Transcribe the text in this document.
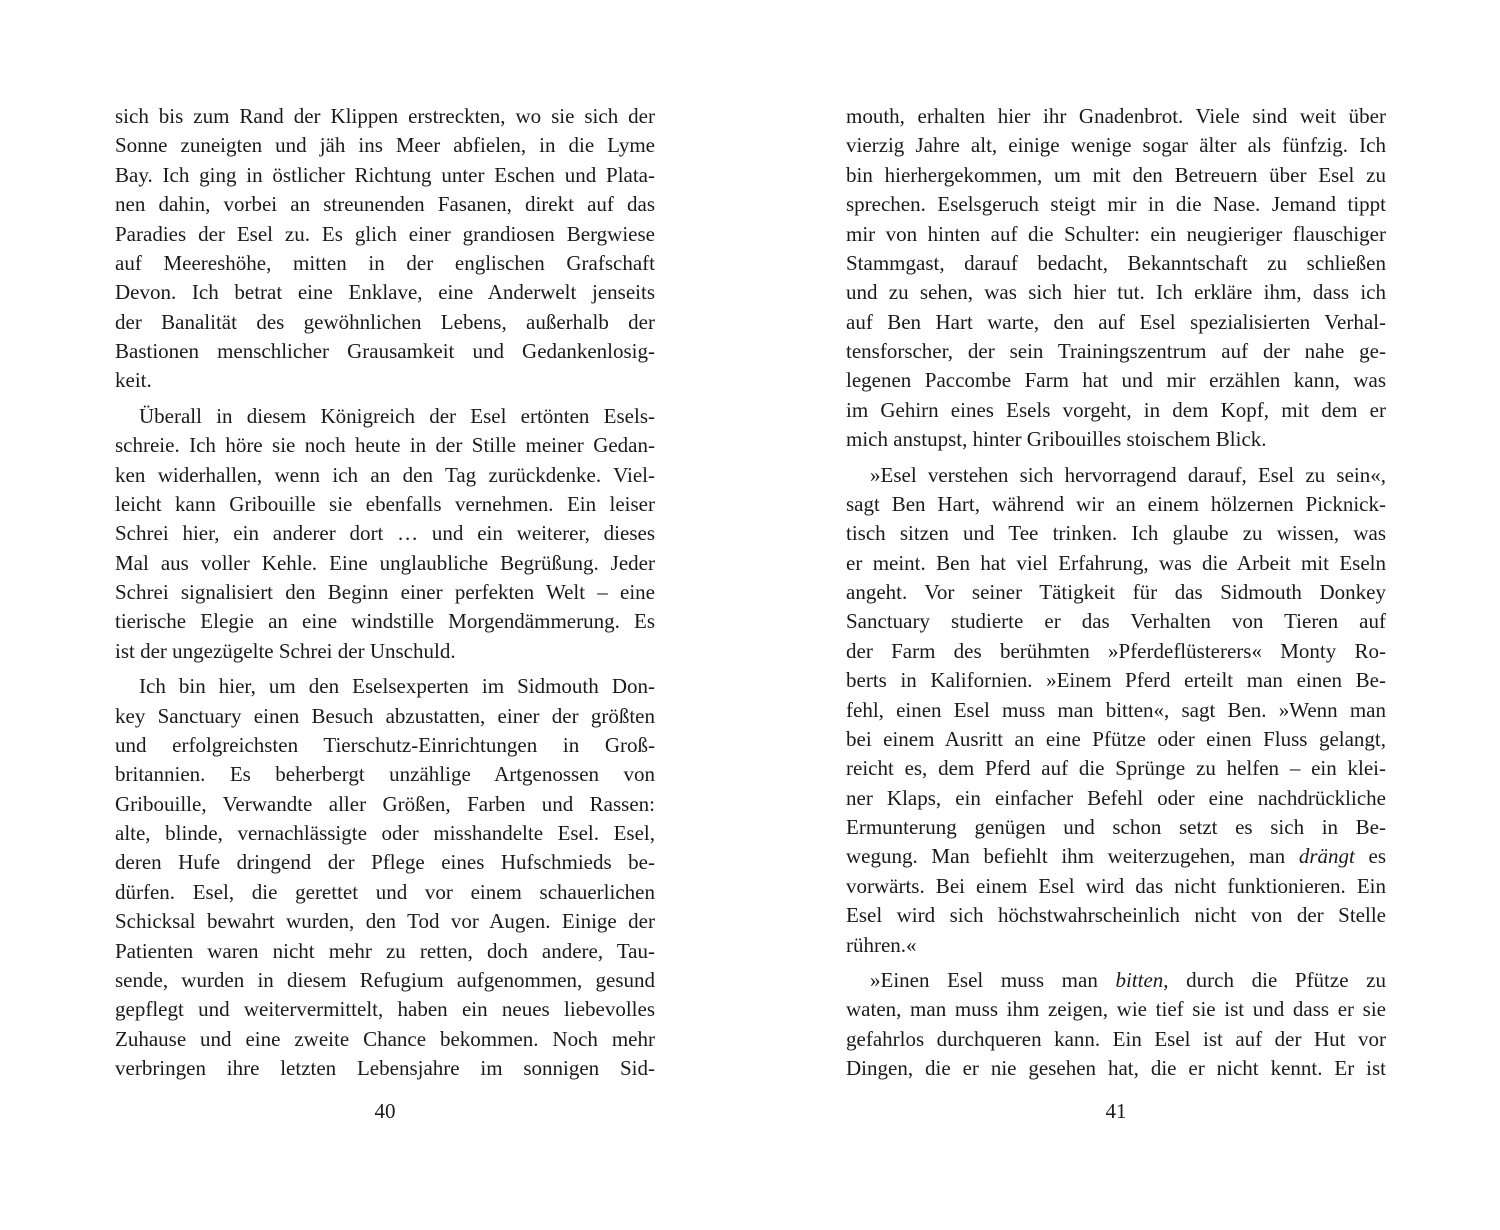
sich bis zum Rand der Klippen erstreckten, wo sie sich der
Sonne zuneigten und jäh ins Meer abfielen, in die Lyme
Bay. Ich ging in östlicher Richtung unter Eschen und Plata-
nen dahin, vorbei an streunenden Fasanen, direkt auf das
Paradies der Esel zu. Es glich einer grandiosen Bergwiese
auf Meereshöhe, mitten in der englischen Grafschaft
Devon. Ich betrat eine Enklave, eine Anderwelt jenseits
der Banalität des gewöhnlichen Lebens, außerhalb der
Bastionen menschlicher Grausamkeit und Gedankenlosig-
keit.
Überall in diesem Königreich der Esel ertönten Esels-
schreie. Ich höre sie noch heute in der Stille meiner Gedan-
ken widerhallen, wenn ich an den Tag zurückdenke. Viel-
leicht kann Gribouille sie ebenfalls vernehmen. Ein leiser
Schrei hier, ein anderer dort … und ein weiterer, dieses
Mal aus voller Kehle. Eine unglaubliche Begrüßung. Jeder
Schrei signalisiert den Beginn einer perfekten Welt – eine
tierische Elegie an eine windstille Morgendämmerung. Es
ist der ungezügelte Schrei der Unschuld.
Ich bin hier, um den Eselsexperten im Sidmouth Don-
key Sanctuary einen Besuch abzustatten, einer der größten
und erfolgreichsten Tierschutz-Einrichtungen in Groß-
britannien. Es beherbergt unzählige Artgenossen von
Gribouille, Verwandte aller Größen, Farben und Rassen:
alte, blinde, vernachlässigte oder misshandelte Esel. Esel,
deren Hufe dringend der Pflege eines Hufschmieds be-
dürfen. Esel, die gerettet und vor einem schauerlichen
Schicksal bewahrt wurden, den Tod vor Augen. Einige der
Patienten waren nicht mehr zu retten, doch andere, Tau-
sende, wurden in diesem Refugium aufgenommen, gesund
gepflegt und weitervermittelt, haben ein neues liebevolles
Zuhause und eine zweite Chance bekommen. Noch mehr
verbringen ihre letzten Lebensjahre im sonnigen Sid-
40
mouth, erhalten hier ihr Gnadenbrot. Viele sind weit über
vierzig Jahre alt, einige wenige sogar älter als fünfzig. Ich
bin hierhergekommen, um mit den Betreuern über Esel zu
sprechen. Eselsgeruch steigt mir in die Nase. Jemand tippt
mir von hinten auf die Schulter: ein neugieriger flauschiger
Stammgast, darauf bedacht, Bekanntschaft zu schließen
und zu sehen, was sich hier tut. Ich erkläre ihm, dass ich
auf Ben Hart warte, den auf Esel spezialisierten Verhal-
tensforscher, der sein Trainingszentrum auf der nahe ge-
legenen Paccombe Farm hat und mir erzählen kann, was
im Gehirn eines Esels vorgeht, in dem Kopf, mit dem er
mich anstupst, hinter Gribouilles stoischem Blick.
»Esel verstehen sich hervorragend darauf, Esel zu sein«,
sagt Ben Hart, während wir an einem hölzernen Picknick-
tisch sitzen und Tee trinken. Ich glaube zu wissen, was
er meint. Ben hat viel Erfahrung, was die Arbeit mit Eseln
angeht. Vor seiner Tätigkeit für das Sidmouth Donkey
Sanctuary studierte er das Verhalten von Tieren auf
der Farm des berühmten »Pferdeflüsterers« Monty Ro-
berts in Kalifornien. »Einem Pferd erteilt man einen Be-
fehl, einen Esel muss man bitten«, sagt Ben. »Wenn man
bei einem Ausritt an eine Pfütze oder einen Fluss gelangt,
reicht es, dem Pferd auf die Sprünge zu helfen – ein klei-
ner Klaps, ein einfacher Befehl oder eine nachdrückliche
Ermunterung genügen und schon setzt es sich in Be-
wegung. Man befiehlt ihm weiterzugehen, man drängt es
vorwärts. Bei einem Esel wird das nicht funktionieren. Ein
Esel wird sich höchstwahrscheinlich nicht von der Stelle
rühren.«
»Einen Esel muss man bitten, durch die Pfütze zu
waten, man muss ihm zeigen, wie tief sie ist und dass er sie
gefahrlos durchqueren kann. Ein Esel ist auf der Hut vor
Dingen, die er nie gesehen hat, die er nicht kennt. Er ist
41
